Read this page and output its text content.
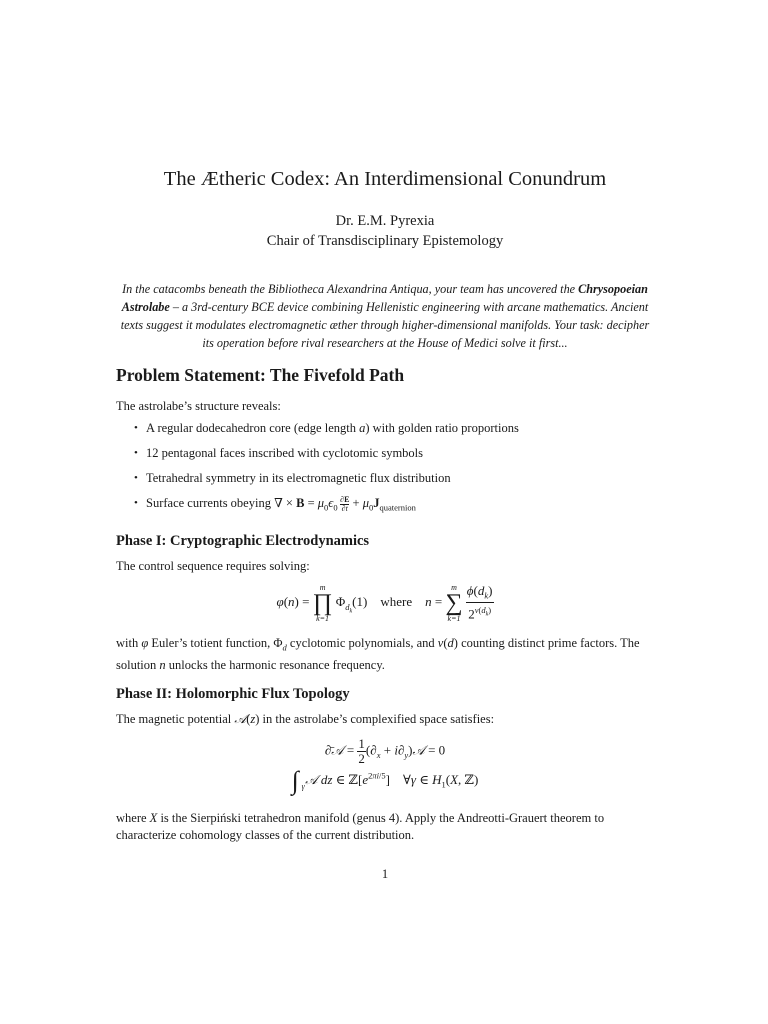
The Ætheric Codex: An Interdimensional Conundrum
Dr. E.M. Pyrexia
Chair of Transdisciplinary Epistemology
In the catacombs beneath the Bibliotheca Alexandrina Antiqua, your team has uncovered the Chrysopoeian Astrolabe – a 3rd-century BCE device combining Hellenistic engineering with arcane mathematics. Ancient texts suggest it modulates electromagnetic æther through higher-dimensional manifolds. Your task: decipher its operation before rival researchers at the House of Medici solve it first...
Problem Statement: The Fivefold Path
The astrolabe’s structure reveals:
• A regular dodecahedron core (edge length a) with golden ratio proportions
• 12 pentagonal faces inscribed with cyclotomic symbols
• Tetrahedral symmetry in its electromagnetic flux distribution
• Surface currents obeying ∇ × $B = \mu_0\epsilon_0 \frac{\partial E}{\partial t} + \mu_0J_{quaternion}$
Phase I: Cryptographic Electrodynamics
The control sequence requires solving:
φ(n) =
m
∏
k=1
$\Phi_{d_k}(1)$    where n =
m
∑
k=1
$\frac{\phi(d_k)}{2^{\nu(d_k)}}$
with φ Euler’s totient function, $\Phi_d$ cyclotomic polynomials, and ν(d) counting distinct prime factors. The solution n unlocks the harmonic resonance frequency.
Phase II: Holomorphic Flux Topology
The magnetic potential 𝒜(z) in the astrolabe’s complexified space satisfies:
∂̄𝒜 = $\frac{1}{2} (\partial_x$ + $i\partial_y)𝒜 = 0$
∫ γ 𝒜 dz ∈ $ℤ[e^{2\pi i/5}]$    ∀γ ∈ $H_1(X$, ℤ)
where X is the Sierpiński tetrahedron manifold (genus 4). Apply the Andreotti-Grauert theorem to characterize cohomology classes of the current distribution.
1
